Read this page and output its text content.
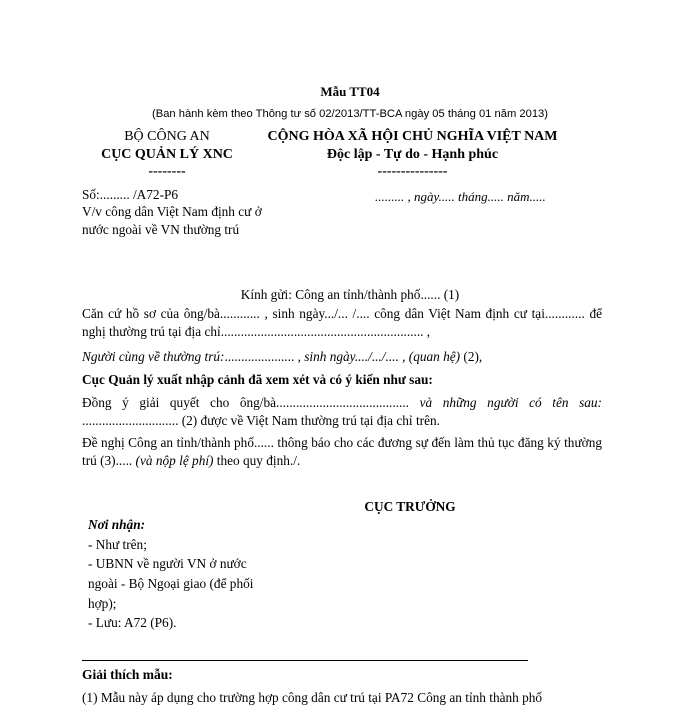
Mẫu TT04
(Ban hành kèm theo Thông tư số 02/2013/TT-BCA ngày 05 tháng 01 năm 2013)
BỘ CÔNG AN
CỤC QUẢN LÝ XNC
--------
CỘNG HÒA XÃ HỘI CHỦ NGHĨA VIỆT NAM
Độc lập - Tự do - Hạnh phúc
---------------
Số:......... /A72-P6
V/v công dân Việt Nam định cư ở nước ngoài về VN thường trú
......... , ngày..... tháng..... năm.....
Kính gửi: Công an tỉnh/thành phố...... (1)
Căn cứ hồ sơ của ông/bà............ , sinh ngày.../... /.... công dân Việt Nam định cư tại............ để nghị thường trú tại địa chỉ............................................................. ,
Người cùng về thường trú:..................... , sinh ngày..../.../.... , (quan hệ) (2),
Cục Quản lý xuất nhập cảnh đã xem xét và có ý kiến như sau:
Đồng ý giải quyết cho ông/bà........................................ và những người có tên sau: ............................. (2) được về Việt Nam thường trú tại địa chỉ trên.
Đề nghị Công an tỉnh/thành phố...... thông báo cho các đương sự đến làm thủ tục đăng ký thường trú (3)..... (và nộp lệ phí) theo quy định./.
CỤC TRƯỞNG
Nơi nhận:
- Như trên;
- UBNN về người VN ở nước ngoài - Bộ Ngoại giao (để phối hợp);
- Lưu: A72 (P6).
Giải thích mẫu:
(1) Mẫu này áp dụng cho trường hợp công dân cư trú tại PA72 Công an tỉnh thành phố
